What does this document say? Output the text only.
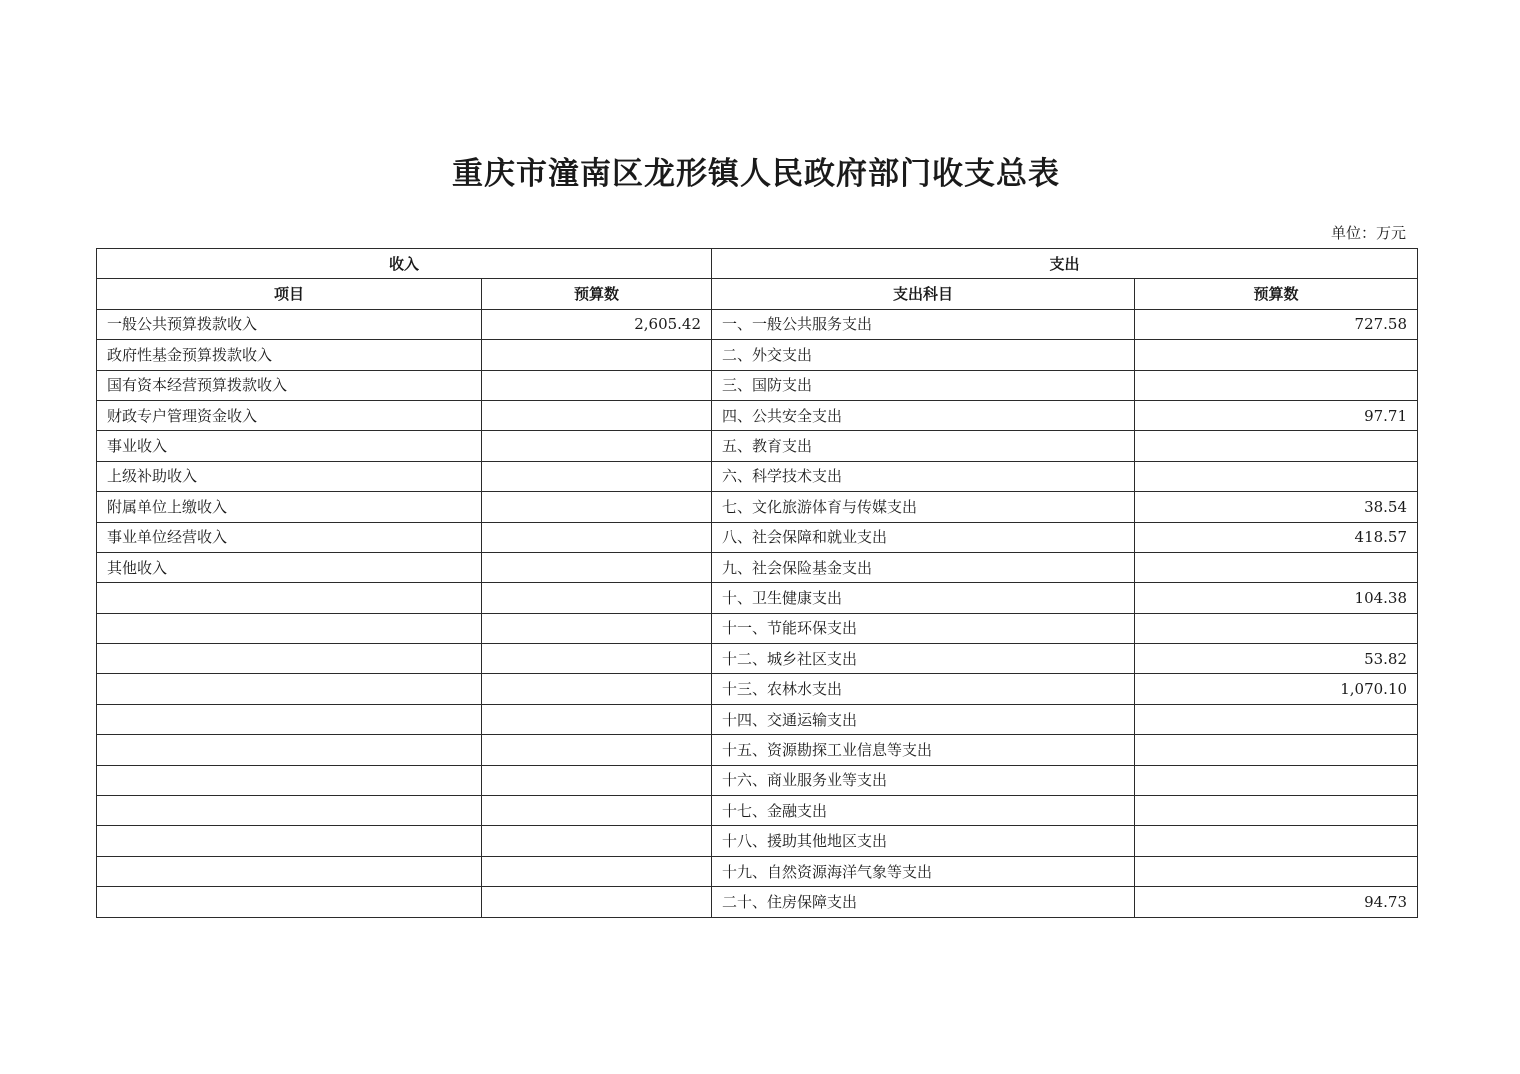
重庆市潼南区龙形镇人民政府部门收支总表
单位：万元
收入		支出	
项目	预算数	支出科目	预算数
一般公共预算拨款收入	2,605.42	一、一般公共服务支出	727.58
政府性基金预算拨款收入		二、外交支出	
国有资本经营预算拨款收入		三、国防支出	
财政专户管理资金收入		四、公共安全支出	97.71
事业收入		五、教育支出	
上级补助收入		六、科学技术支出	
附属单位上缴收入		七、文化旅游体育与传媒支出	38.54
事业单位经营收入		八、社会保障和就业支出	418.57
其他收入		九、社会保险基金支出	
		十、卫生健康支出	104.38
		十一、节能环保支出	
		十二、城乡社区支出	53.82
		十三、农林水支出	1,070.10
		十四、交通运输支出	
		十五、资源勘探工业信息等支出	
		十六、商业服务业等支出	
		十七、金融支出	
		十八、援助其他地区支出	
		十九、自然资源海洋气象等支出	
		二十、住房保障支出	94.73
